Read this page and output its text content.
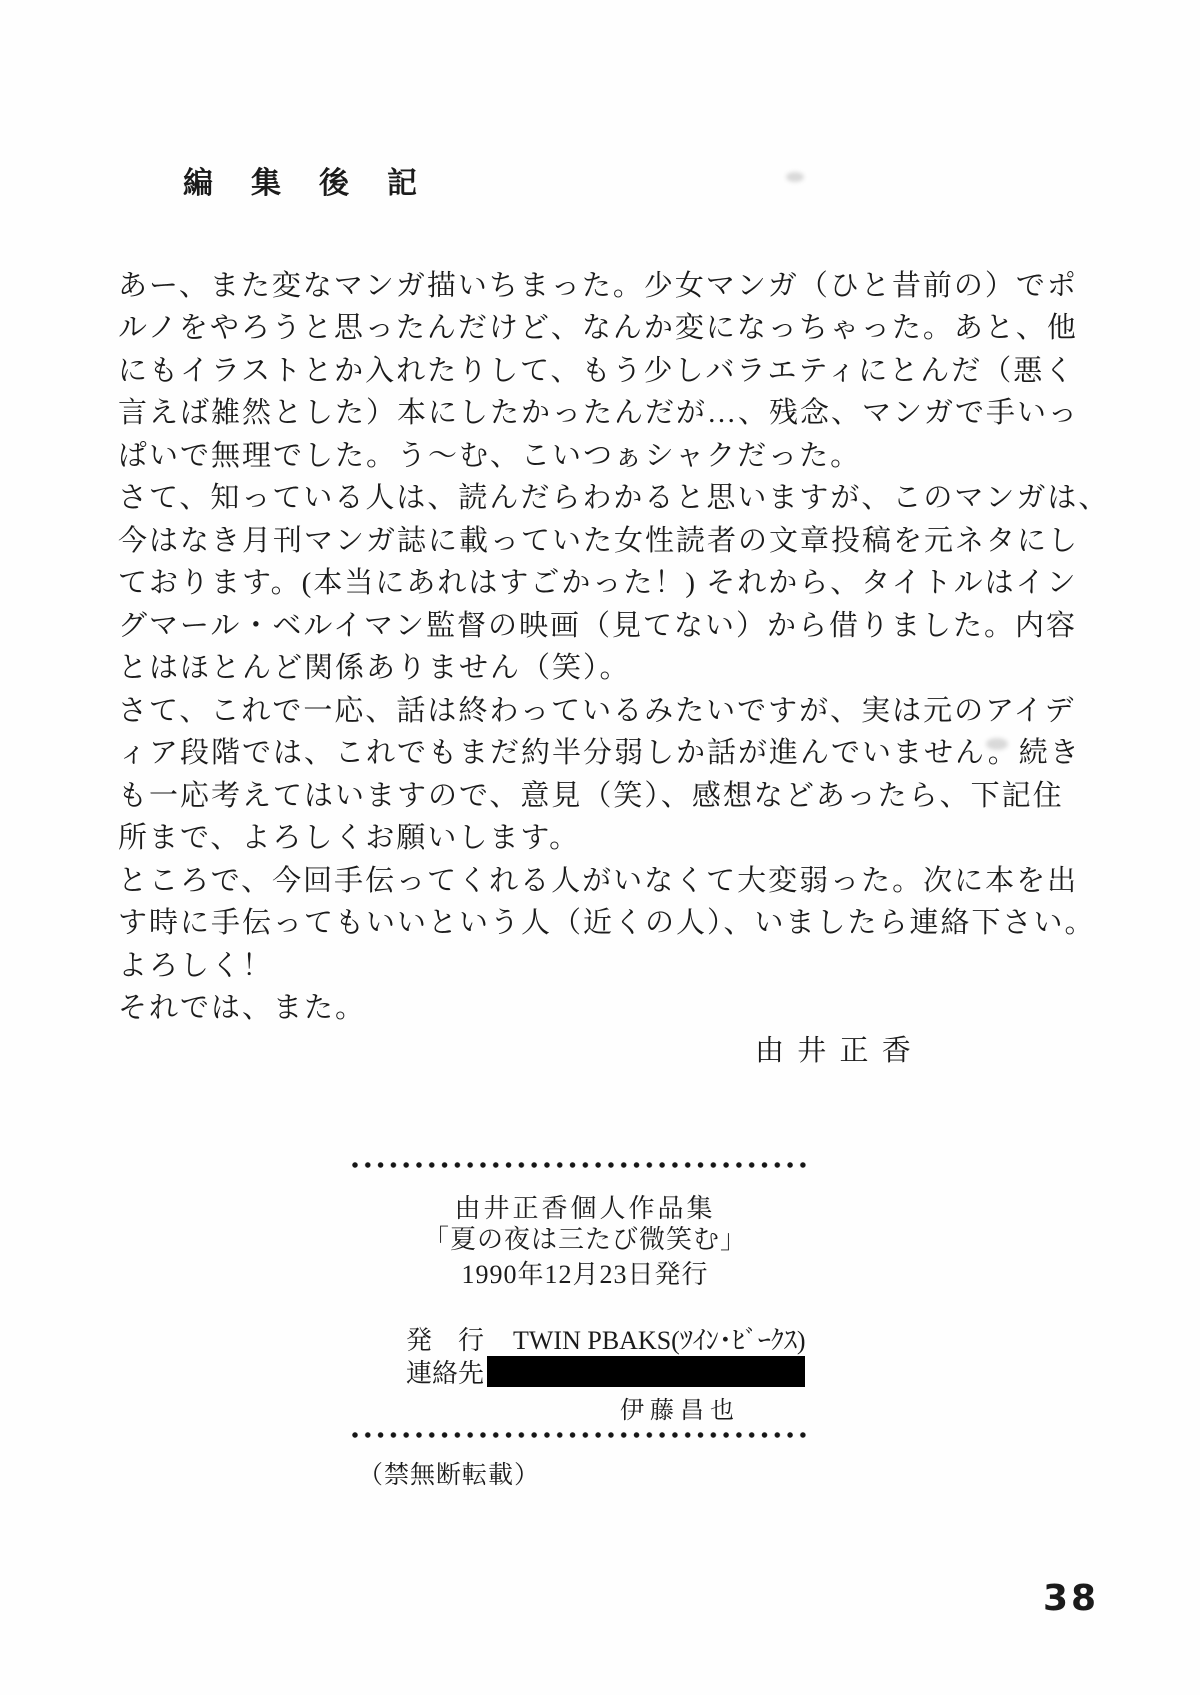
編　集　後　記
あー、また変なマンガ描いちまった。少女マンガ（ひと昔前の）でポ
ルノをやろうと思ったんだけど、なんか変になっちゃった。あと、他
にもイラストとか入れたりして、もう少しバラエティにとんだ（悪く
言えば雑然とした）本にしたかったんだが…、残念、マンガで手いっ
ぱいで無理でした。う～む、こいつぁシャクだった。
さて、知っている人は、読んだらわかると思いますが、このマンガは、
今はなき月刊マンガ誌に載っていた女性読者の文章投稿を元ネタにし
ております。(本当にあれはすごかった！) それから、タイトルはイン
グマール・ベルイマン監督の映画（見てない）から借りました。内容
とはほとんど関係ありません（笑）。
さて、これで一応、話は終わっているみたいですが、実は元のアイデ
ィア段階では、これでもまだ約半分弱しか話が進んでいません。続き
も一応考えてはいますので、意見（笑）、感想などあったら、下記住
所まで、よろしくお願いします。
ところで、今回手伝ってくれる人がいなくて大変弱った。次に本を出
す時に手伝ってもいいという人（近くの人）、いましたら連絡下さい。
よろしく！
それでは、また。
由 井 正 香
由井正香個人作品集
「夏の夜は三たび微笑む」
1990年12月23日発行

発　行 TWIN PBAKS(ﾂｲﾝ･ﾋﾞｰｸｽ)

連絡先

伊藤昌也
（禁無断転載）
38
